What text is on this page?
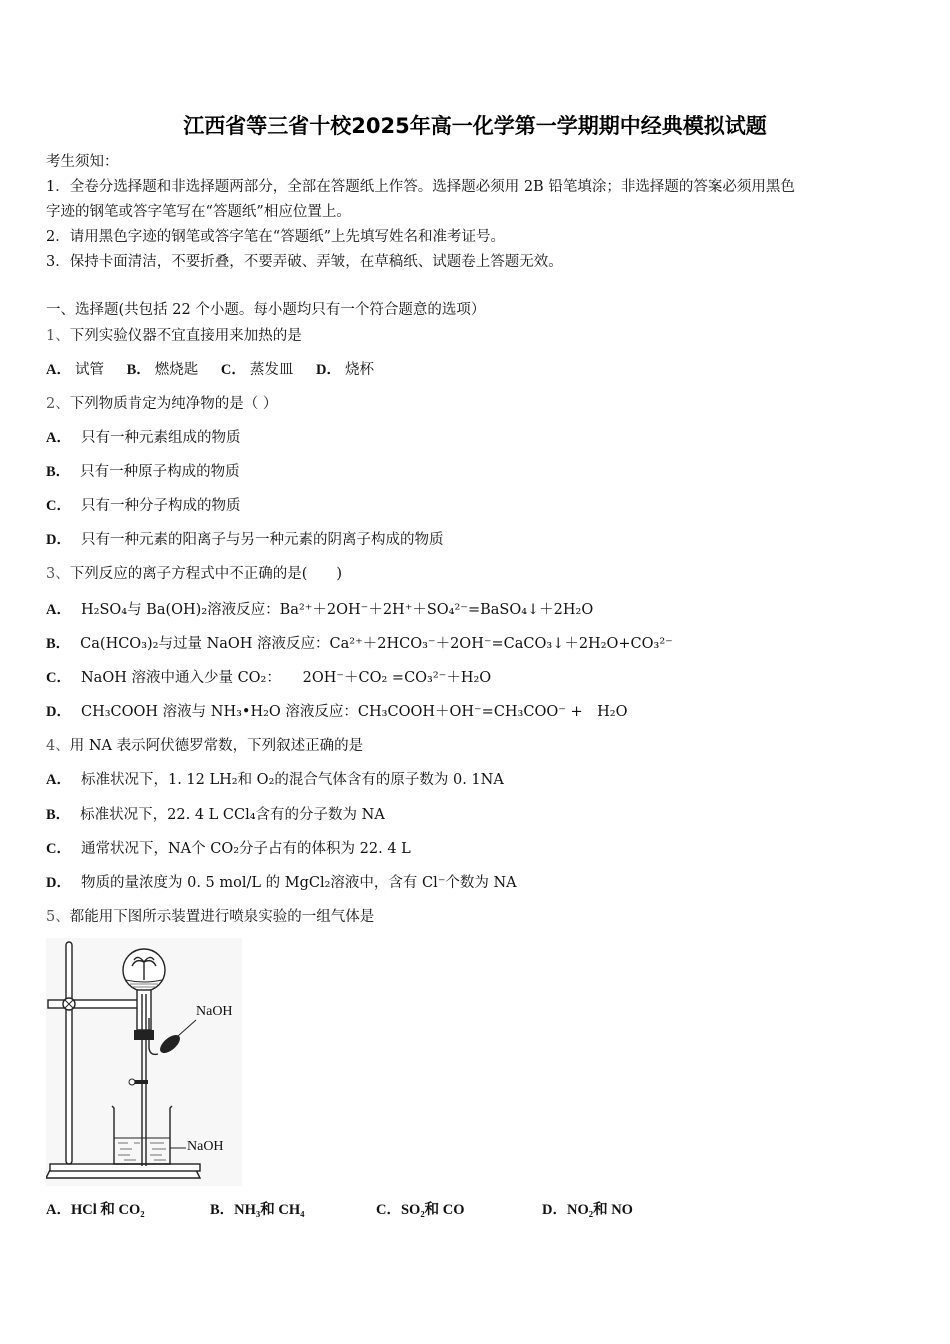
江西省等三省十校2025年高一化学第一学期期中经典模拟试题
考生须知：
1．全卷分选择题和非选择题两部分，全部在答题纸上作答。选择题必须用 2B 铅笔填涂；非选择题的答案必须用黑色
字迹的钢笔或答字笔写在“答题纸”相应位置上。
2．请用黑色字迹的钢笔或答字笔在“答题纸”上先填写姓名和准考证号。
3．保持卡面清洁，不要折叠，不要弄破、弄皱，在草稿纸、试题卷上答题无效。
一、选择题(共包括 22 个小题。每小题均只有一个符合题意的选项）
1、下列实验仪器不宜直接用来加热的是
A． 试管 B． 燃烧匙 C． 蒸发皿 D． 烧杯
2、下列物质肯定为纯净物的是（ ）
A． 只有一种元素组成的物质
B． 只有一种原子构成的物质
C． 只有一种分子构成的物质
D． 只有一种元素的阳离子与另一种元素的阴离子构成的物质
3、下列反应的离子方程式中不正确的是(　　)
A． H₂SO₄与 Ba(OH)₂溶液反应：Ba²⁺＋2OH⁻＋2H⁺＋SO₄²⁻=BaSO₄↓＋2H₂O
B． Ca(HCO₃)₂与过量 NaOH 溶液反应：Ca²⁺＋2HCO₃⁻＋2OH⁻=CaCO₃↓＋2H₂O+CO₃²⁻
C． NaOH 溶液中通入少量 CO₂：　　2OH⁻＋CO₂ =CO₃²⁻＋H₂O
D． CH₃COOH 溶液与 NH₃•H₂O 溶液反应：CH₃COOH＋OH⁻=CH₃COO⁻ +　H₂O
4、用 NA 表示阿伏德罗常数，下列叙述正确的是
A． 标准状况下，1. 12 LH₂和 O₂的混合气体含有的原子数为 0. 1NA
B． 标准状况下，22. 4 L CCl₄含有的分子数为 NA
C． 通常状况下，NA个 CO₂分子占有的体积为 22. 4 L
D． 物质的量浓度为 0. 5 mol/L 的 MgCl₂溶液中，含有 Cl⁻个数为 NA
5、都能用下图所示装置进行喷泉实验的一组气体是
NaOH
NaOH
A．HCl 和 CO₂	B．NH₃和 CH₄	C．SO₂和 CO	D．NO₂和 NO
